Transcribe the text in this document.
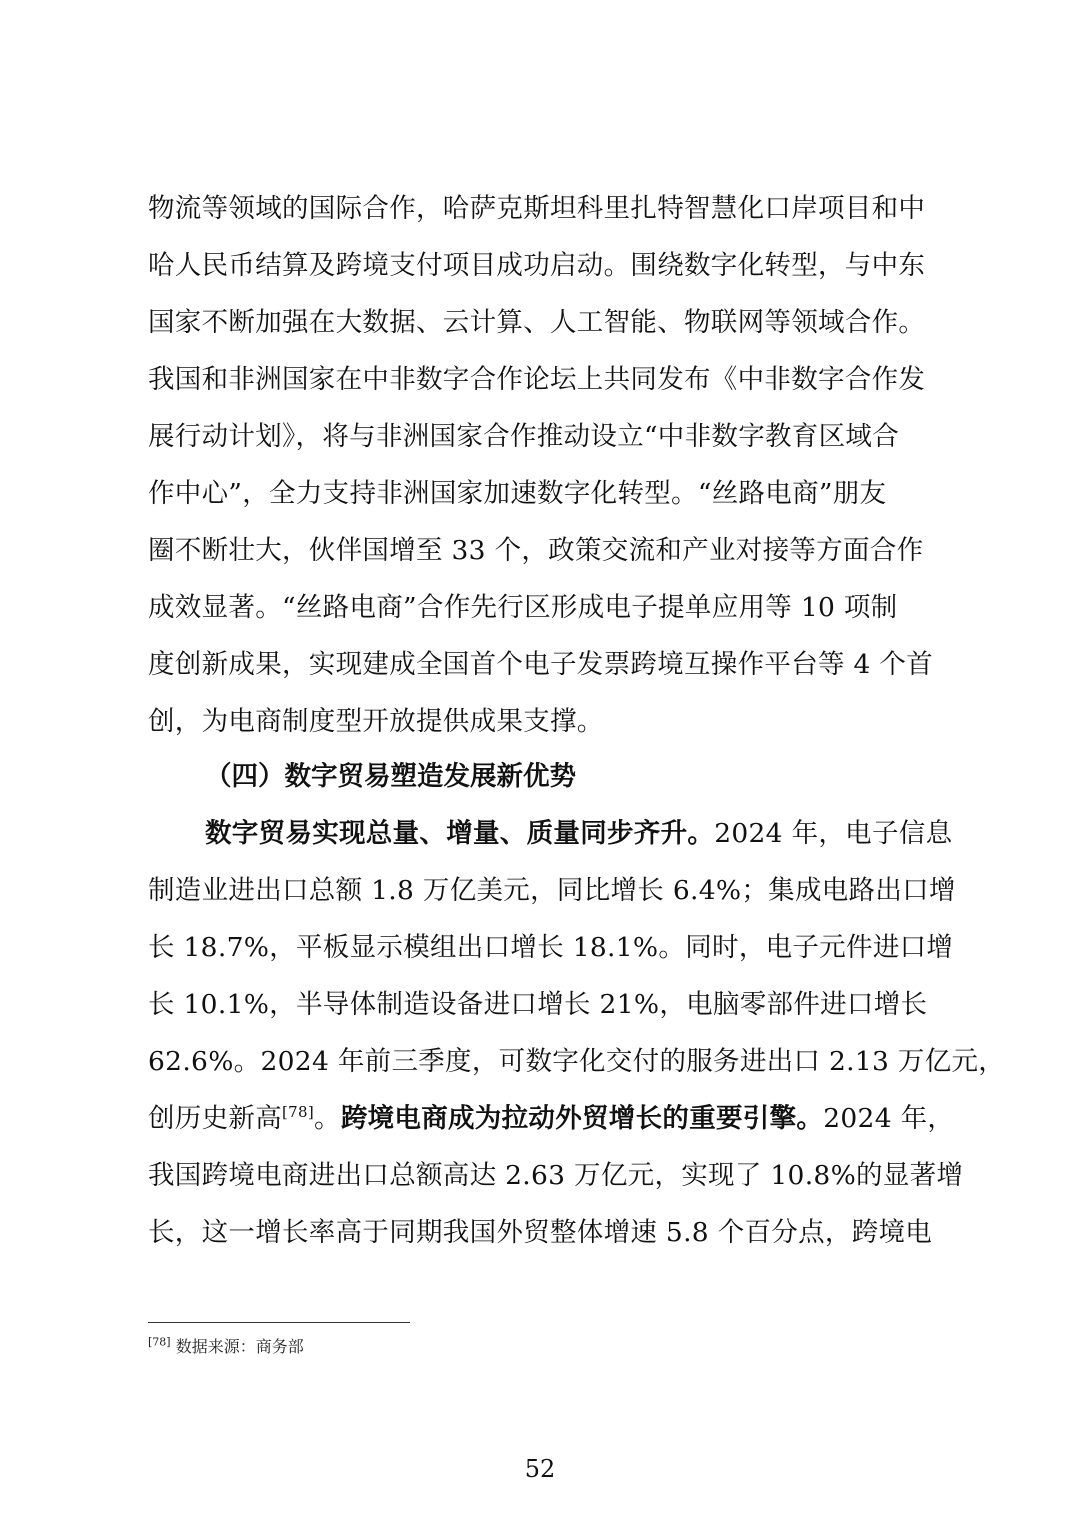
物流等领域的国际合作，哈萨克斯坦科里扎特智慧化口岸项目和中
哈人民币结算及跨境支付项目成功启动。围绕数字化转型，与中东
国家不断加强在大数据、云计算、人工智能、物联网等领域合作。
我国和非洲国家在中非数字合作论坛上共同发布《中非数字合作发
展行动计划》，将与非洲国家合作推动设立“中非数字教育区域合
作中心”，全力支持非洲国家加速数字化转型。“丝路电商”朋友
圈不断壮大，伙伴国增至 33 个，政策交流和产业对接等方面合作
成效显著。“丝路电商”合作先行区形成电子提单应用等 10 项制
度创新成果，实现建成全国首个电子发票跨境互操作平台等 4 个首
创，为电商制度型开放提供成果支撑。
（四）数字贸易塑造发展新优势
数字贸易实现总量、增量、质量同步齐升。2024 年，电子信息
制造业进出口总额 1.8 万亿美元，同比增长 6.4%；集成电路出口增
长 18.7%，平板显示模组出口增长 18.1%。同时，电子元件进口增
长 10.1%，半导体制造设备进口增长 21%，电脑零部件进口增长
62.6%。2024 年前三季度，可数字化交付的服务进出口 2.13 万亿元，
创历史新高[78]。跨境电商成为拉动外贸增长的重要引擎。2024 年，
我国跨境电商进出口总额高达 2.63 万亿元，实现了 10.8%的显著增
长，这一增长率高于同期我国外贸整体增速 5.8 个百分点，跨境电
[78] 数据来源：商务部
52
